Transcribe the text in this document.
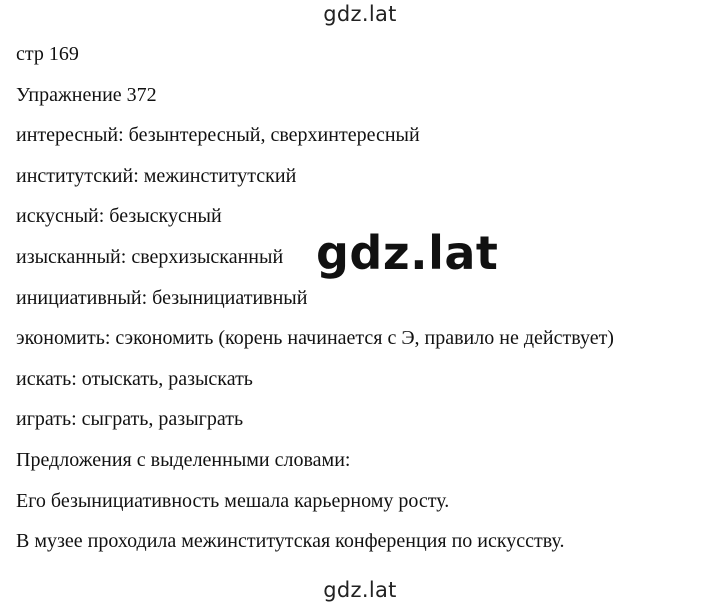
gdz.lat
стр 169
Упражнение 372
интересный: безынтересный, сверхинтересный
институтский: межинститутский
искусный: безыскусный
изысканный: сверхизысканный
инициативный: безынициативный
экономить: сэкономить (корень начинается с Э, правило не действует)
искать: отыскать, разыскать
играть: сыграть, разыграть
Предложения с выделенными словами:
Его безынициативность мешала карьерному росту.
В музее проходила межинститутская конференция по искусству.
gdz.lat
gdz.lat
